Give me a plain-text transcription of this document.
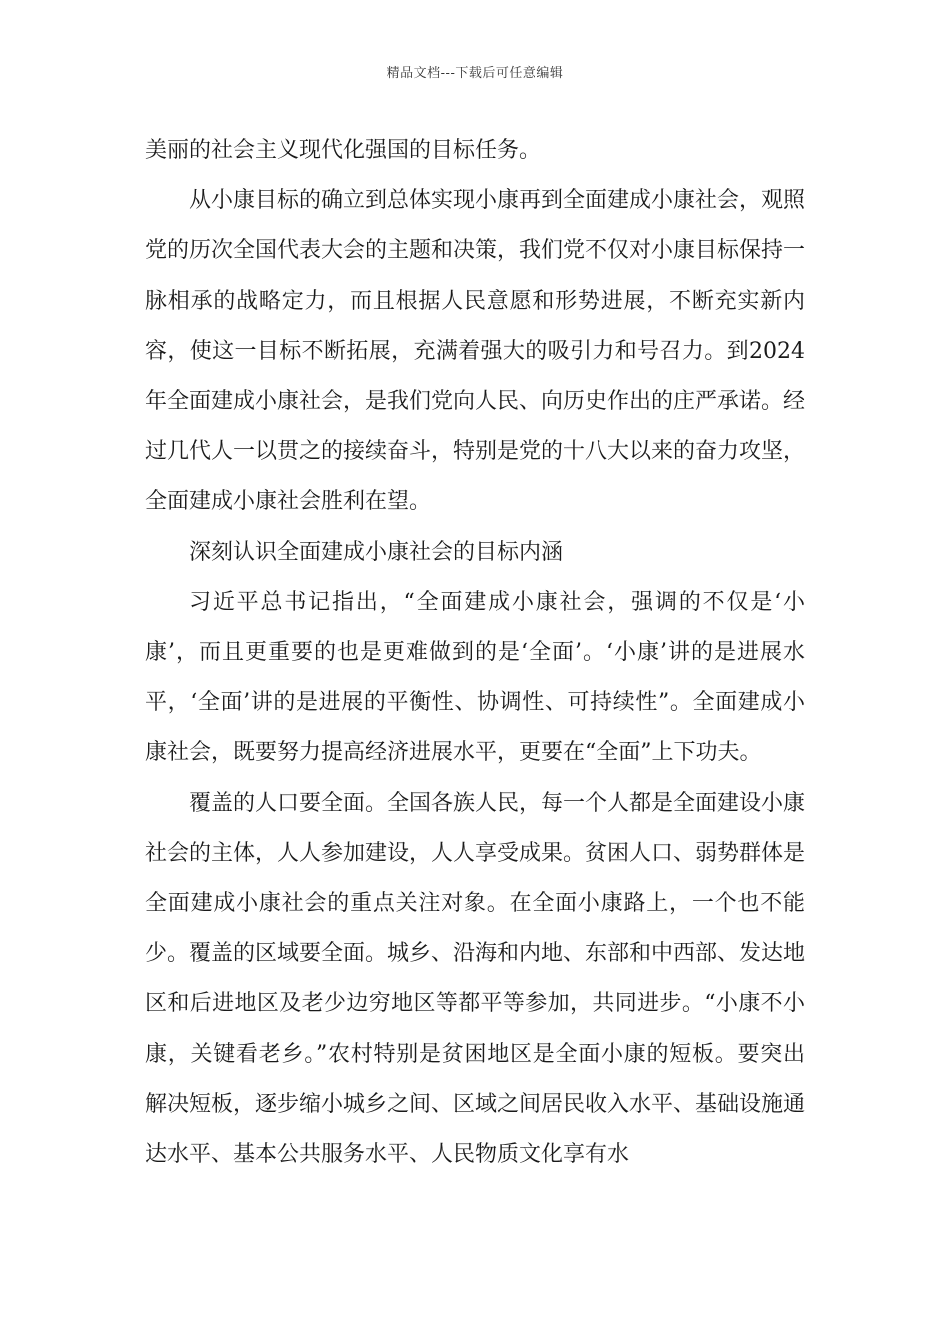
精品文档---下载后可任意编辑

美丽的社会主义现代化强国的目标任务。

从小康目标的确立到总体实现小康再到全面建成小康社会，观照党的历次全国代表大会的主题和决策，我们党不仅对小康目标保持一脉相承的战略定力，而且根据人民意愿和形势进展，不断充实新内容，使这一目标不断拓展，充满着强大的吸引力和号召力。到2024年全面建成小康社会，是我们党向人民、向历史作出的庄严承诺。经过几代人一以贯之的接续奋斗，特别是党的十八大以来的奋力攻坚，全面建成小康社会胜利在望。

深刻认识全面建成小康社会的目标内涵

习近平总书记指出，“全面建成小康社会，强调的不仅是‘小康’，而且更重要的也是更难做到的是‘全面’。‘小康’讲的是进展水平，‘全面’讲的是进展的平衡性、协调性、可持续性”。全面建成小康社会，既要努力提高经济进展水平，更要在“全面”上下功夫。

覆盖的人口要全面。全国各族人民，每一个人都是全面建设小康社会的主体，人人参加建设，人人享受成果。贫困人口、弱势群体是全面建成小康社会的重点关注对象。在全面小康路上，一个也不能少。覆盖的区域要全面。城乡、沿海和内地、东部和中西部、发达地区和后进地区及老少边穷地区等都平等参加，共同进步。“小康不小康，关键看老乡。”农村特别是贫困地区是全面小康的短板。要突出解决短板，逐步缩小城乡之间、区域之间居民收入水平、基础设施通达水平、基本公共服务水平、人民物质文化享有水
